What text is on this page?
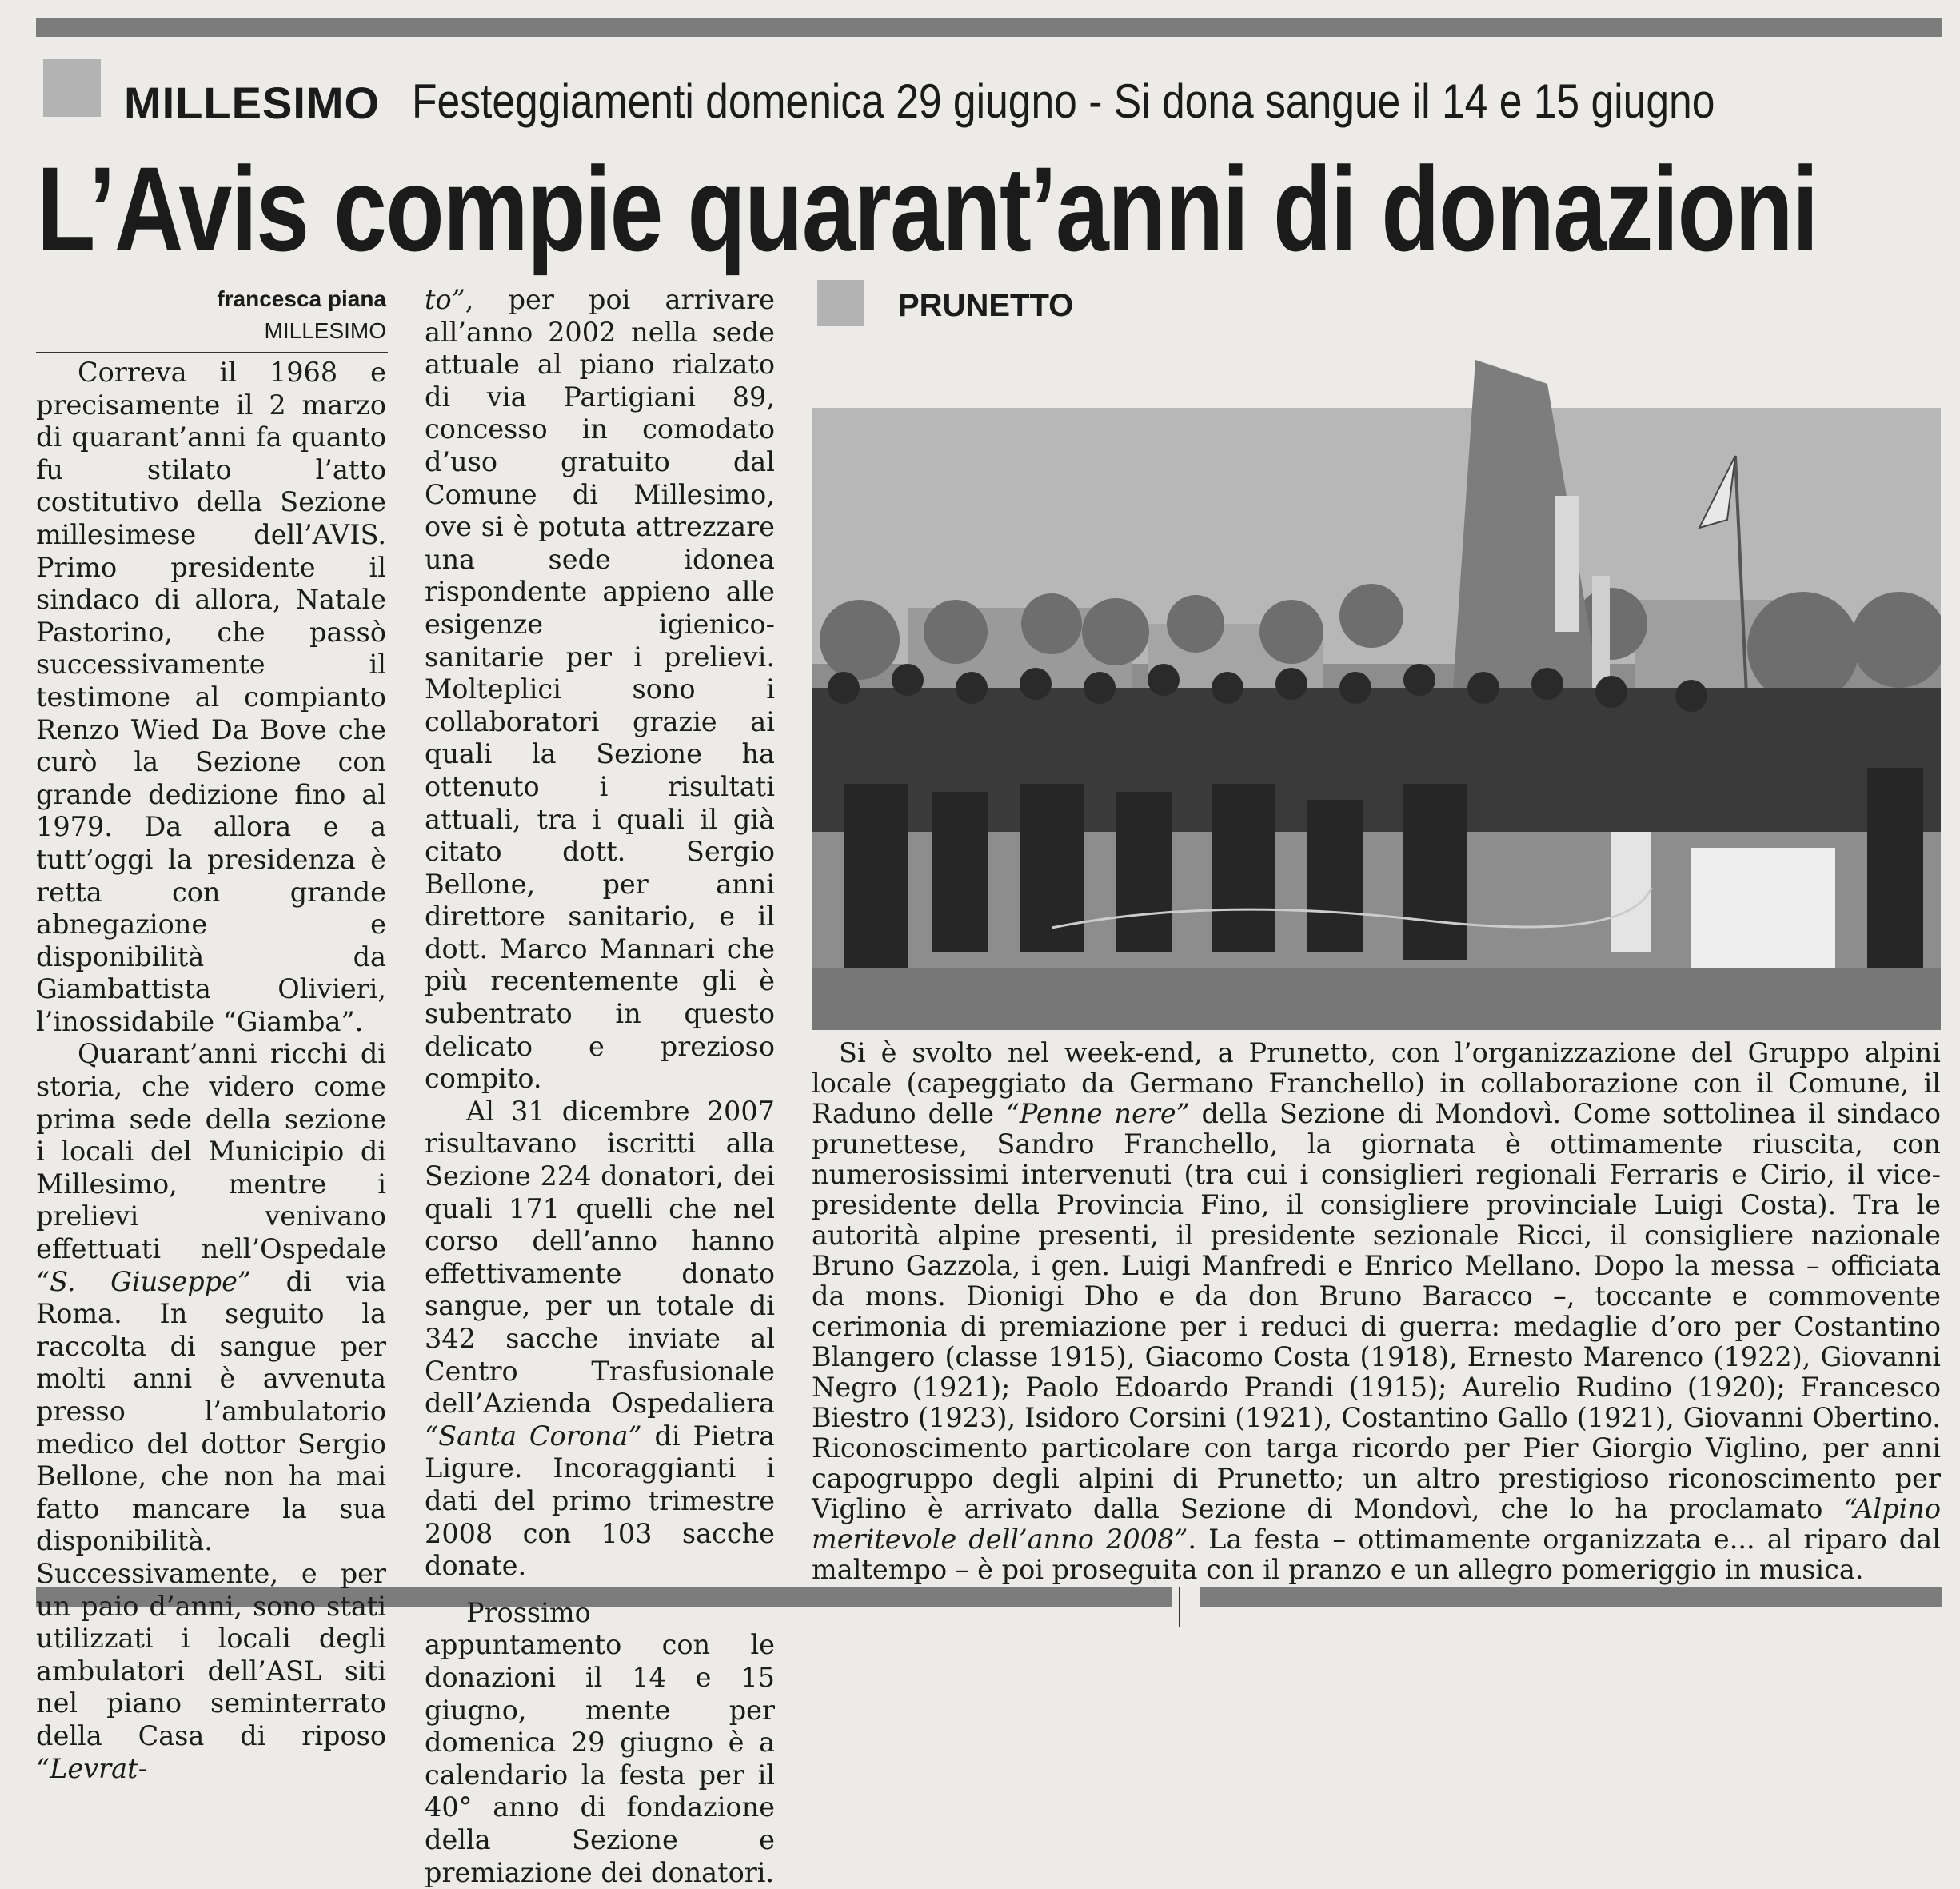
MILLESIMO Festeggiamenti domenica 29 giugno - Si dona sangue il 14 e 15 giugno
L’Avis compie quarant’anni di donazioni
francesca piana
MILLESIMO

Correva il 1968 e precisamente il 2 marzo di quarant’anni fa quanto fu stilato l’atto costitutivo della Sezione millesimese dell’AVIS. Primo presidente il sindaco di allora, Natale Pastorino, che passò successivamente il testimone al compianto Renzo Wied Da Bove che curò la Sezione con grande dedizione fino al 1979. Da allora e a tutt’oggi la presidenza è retta con grande abnegazione e disponibilità da Giambattista Olivieri, l’inossidabile “Giamba”.

Quarant’anni ricchi di storia, che videro come prima sede della sezione i locali del Municipio di Millesimo, mentre i prelievi venivano effettuati nell’Ospedale “S. Giuseppe” di via Roma. In seguito la raccolta di sangue per molti anni è avvenuta presso l’ambulatorio medico del dottor Sergio Bellone, che non ha mai fatto mancare la sua disponibilità. Successivamente, e per un paio d’anni, sono stati utilizzati i locali degli ambulatori dell’ASL siti nel piano seminterrato della Casa di riposo “Levrat-

to”, per poi arrivare all’anno 2002 nella sede attuale al piano rialzato di via Partigiani 89, concesso in comodato d’uso gratuito dal Comune di Millesimo, ove si è potuta attrezzare una sede idonea rispondente appieno alle esigenze igienico-sanitarie per i prelievi. Molteplici sono i collaboratori grazie ai quali la Sezione ha ottenuto i risultati attuali, tra i quali il già citato dott. Sergio Bellone, per anni direttore sanitario, e il dott. Marco Mannari che più recentemente gli è subentrato in questo delicato e prezioso compito.

Al 31 dicembre 2007 risultavano iscritti alla Sezione 224 donatori, dei quali 171 quelli che nel corso dell’anno hanno effettivamente donato sangue, per un totale di 342 sacche inviate al Centro Trasfusionale dell’Azienda Ospedaliera “Santa Corona” di Pietra Ligure. Incoraggianti i dati del primo trimestre 2008 con 103 sacche donate.

Prossimo appuntamento con le donazioni il 14 e 15 giugno, mente per domenica 29 giugno è a calendario la festa per il 40° anno di fondazione della Sezione e premiazione dei donatori.

PRUNETTO
Si è svolto nel week-end, a Prunetto, con l’organizzazione del Gruppo alpini locale (capeggiato da Germano Franchello) in collaborazione con il Comune, il Raduno delle “Penne nere” della Sezione di Mondovì. Come sottolinea il sindaco prunettese, Sandro Franchello, la giornata è ottimamente riuscita, con numerosissimi intervenuti (tra cui i consiglieri regionali Ferraris e Cirio, il vice-presidente della Provincia Fino, il consigliere provinciale Luigi Costa). Tra le autorità alpine presenti, il presidente sezionale Ricci, il consigliere nazionale Bruno Gazzola, i gen. Luigi Manfredi e Enrico Mellano. Dopo la messa – officiata da mons. Dionigi Dho e da don Bruno Baracco –, toccante e commovente cerimonia di premiazione per i reduci di guerra: medaglie d’oro per Costantino Blangero (classe 1915), Giacomo Costa (1918), Ernesto Marenco (1922), Giovanni Negro (1921); Paolo Edoardo Prandi (1915); Aurelio Rudino (1920); Francesco Biestro (1923), Isidoro Corsini (1921), Costantino Gallo (1921), Giovanni Obertino. Riconoscimento particolare con targa ricordo per Pier Giorgio Viglino, per anni capogruppo degli alpini di Prunetto; un altro prestigioso riconoscimento per Viglino è arrivato dalla Sezione di Mondovì, che lo ha proclamato “Alpino meritevole dell’anno 2008”. La festa – ottimamente organizzata e... al riparo dal maltempo – è poi proseguita con il pranzo e un allegro pomeriggio in musica.
